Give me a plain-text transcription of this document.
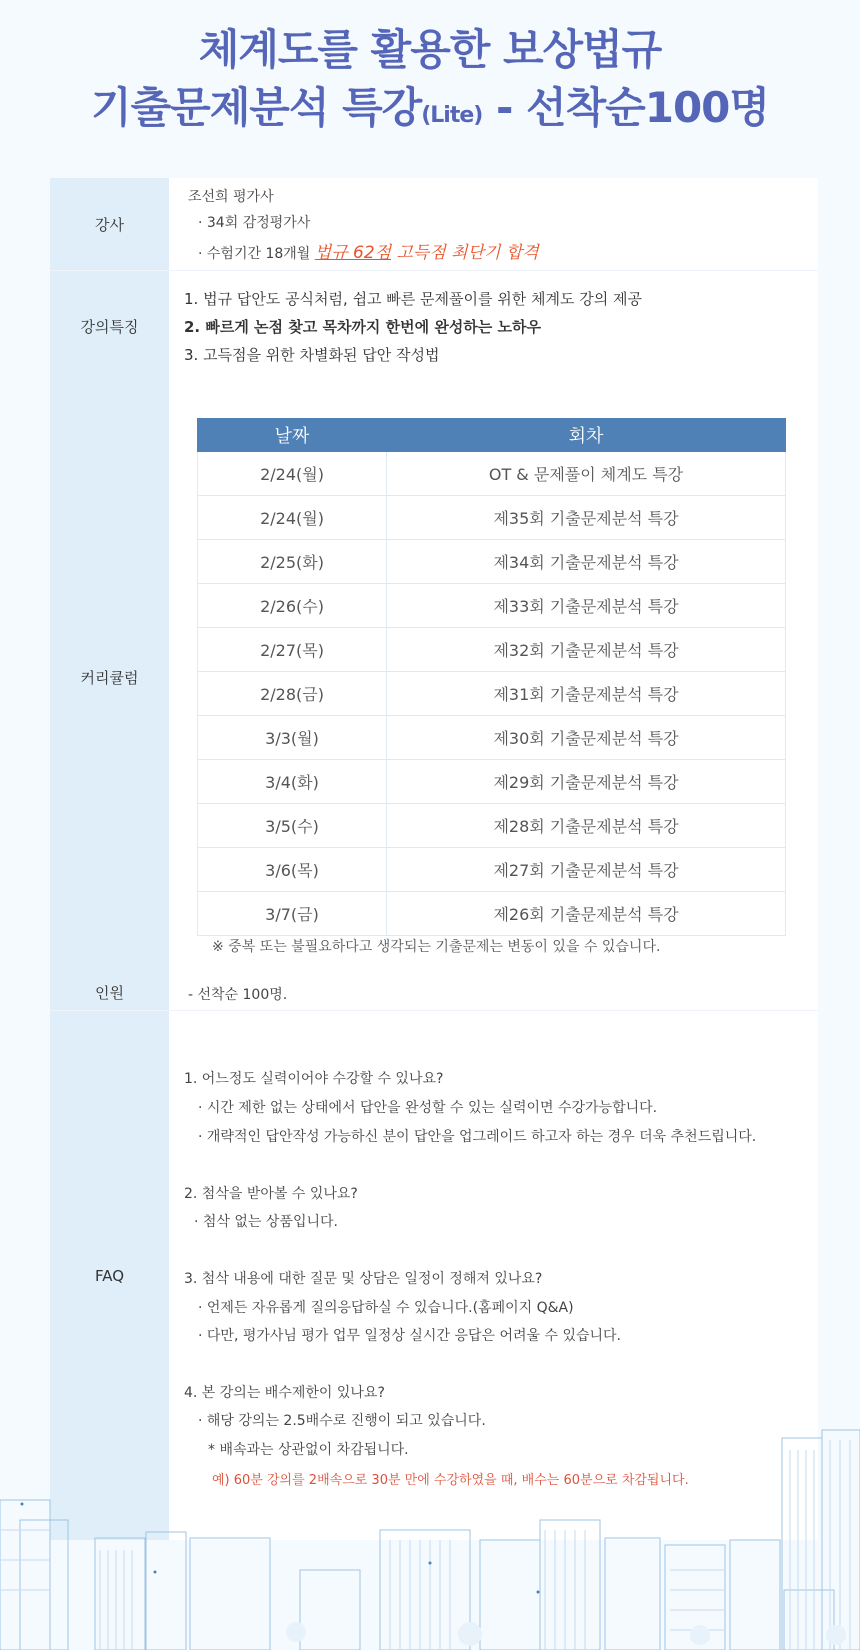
체계도를 활용한 보상법규
기출문제분석 특강(Lite) - 선착순100명
강사
조선희 평가사
· 34회 감정평가사
· 수험기간 18개월 법규 62점 고득점 최단기 합격
강의특징
1. 법규 답안도 공식처럼, 쉽고 빠른 문제풀이를 위한 체계도 강의 제공
2. 빠르게 논점 찾고 목차까지 한번에 완성하는 노하우
3. 고득점을 위한 차별화된 답안 작성법
커리큘럼
날짜	회차
2/24(월)	OT & 문제풀이 체계도 특강
2/24(월)	제35회 기출문제분석 특강
2/25(화)	제34회 기출문제분석 특강
2/26(수)	제33회 기출문제분석 특강
2/27(목)	제32회 기출문제분석 특강
2/28(금)	제31회 기출문제분석 특강
3/3(월)	제30회 기출문제분석 특강
3/4(화)	제29회 기출문제분석 특강
3/5(수)	제28회 기출문제분석 특강
3/6(목)	제27회 기출문제분석 특강
3/7(금)	제26회 기출문제분석 특강
※ 중복 또는 불필요하다고 생각되는 기출문제는 변동이 있을 수 있습니다.
인원	- 선착순 100명.
FAQ
1. 어느정도 실력이어야 수강할 수 있나요?
· 시간 제한 없는 상태에서 답안을 완성할 수 있는 실력이면 수강가능합니다.
· 개략적인 답안작성 가능하신 분이 답안을 업그레이드 하고자 하는 경우 더욱 추천드립니다.
2. 첨삭을 받아볼 수 있나요?
· 첨삭 없는 상품입니다.
3. 첨삭 내용에 대한 질문 및 상담은 일정이 정해져 있나요?
· 언제든 자유롭게 질의응답하실 수 있습니다.(홈페이지 Q&A)
· 다만, 평가사님 평가 업무 일정상 실시간 응답은 어려울 수 있습니다.
4. 본 강의는 배수제한이 있나요?
· 해당 강의는 2.5배수로 진행이 되고 있습니다.
* 배속과는 상관없이 차감됩니다.
예) 60분 강의를 2배속으로 30분 만에 수강하였을 때, 배수는 60분으로 차감됩니다.
